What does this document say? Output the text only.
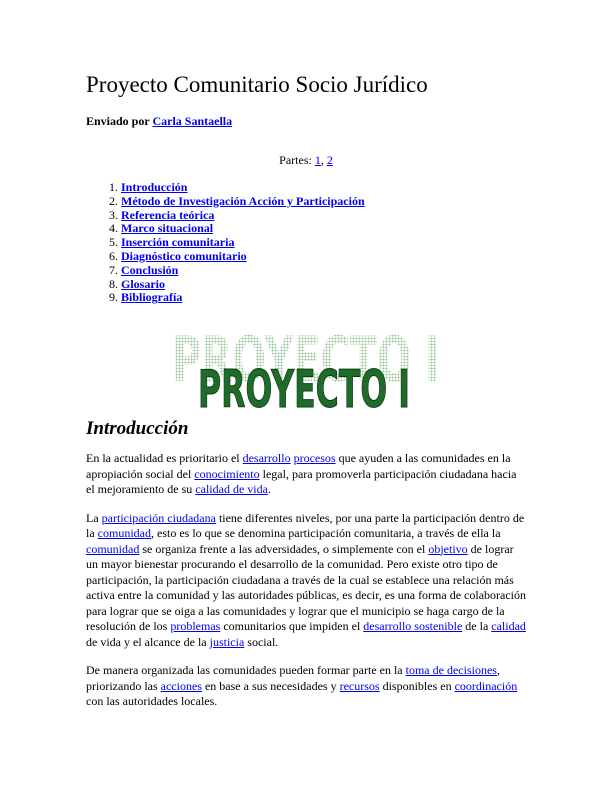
Proyecto Comunitario Socio Jurídico
Enviado por Carla Santaella
Partes: 1, 2
1. Introducción
2. Método de Investigación Acción y Participación
3. Referencia teórica
4. Marco situacional
5. Inserción comunitaria
6. Diagnóstico comunitario
7. Conclusión
8. Glosario
9. Bibliografía
PROYECTO I
PROYECTO I
Introducción

En la actualidad es prioritario el desarrollo procesos que ayuden a las comunidades en la apropiación social del conocimiento legal, para promoverla participación ciudadana hacia el mejoramiento de su calidad de vida.

La participación ciudadana tiene diferentes niveles, por una parte la participación dentro de la comunidad, esto es lo que se denomina participación comunitaria, a través de ella la comunidad se organiza frente a las adversidades, o simplemente con el objetivo de lograr un mayor bienestar procurando el desarrollo de la comunidad. Pero existe otro tipo de participación, la participación ciudadana a través de la cual se establece una relación más activa entre la comunidad y las autoridades públicas, es decir, es una forma de colaboración para lograr que se oiga a las comunidades y lograr que el municipio se haga cargo de la resolución de los problemas comunitarios que impiden el desarrollo sostenible de la calidad de vida y el alcance de la justicia social.

De manera organizada las comunidades pueden formar parte en la toma de decisiones, priorizando las acciones en base a sus necesidades y recursos disponibles en coordinación con las autoridades locales.
